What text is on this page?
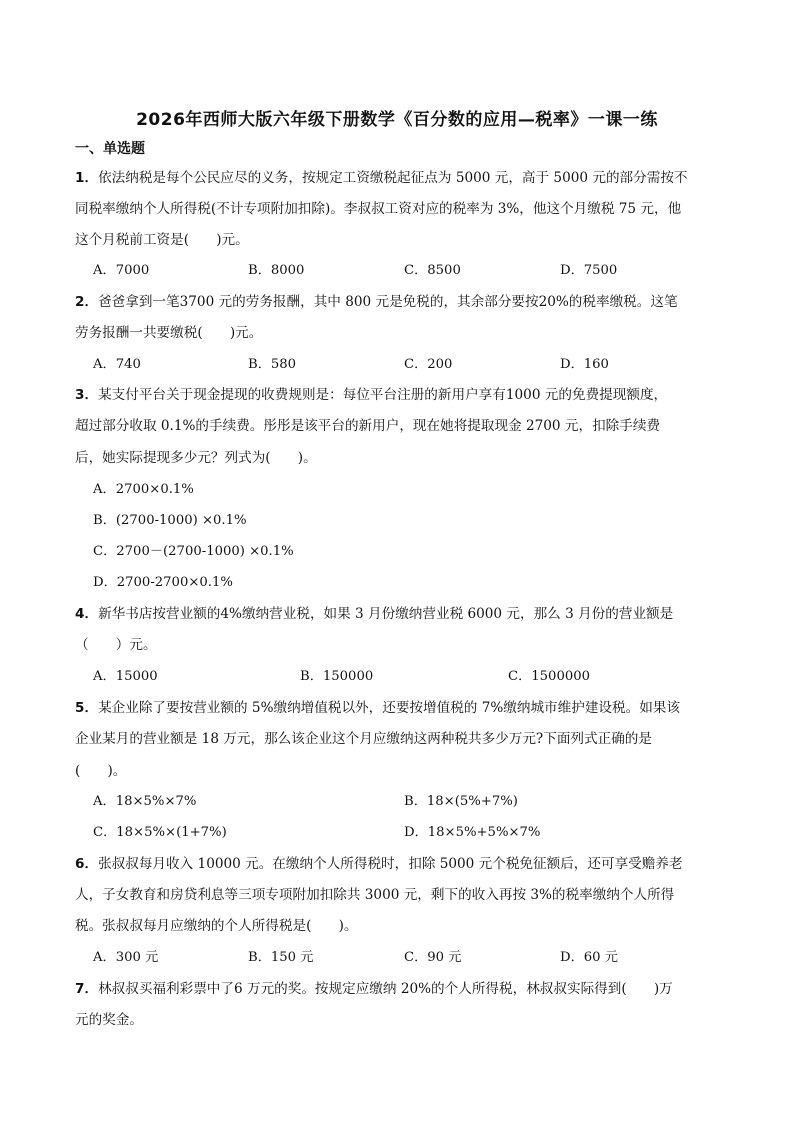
2026年西师大版六年级下册数学《百分数的应用—税率》一课一练
一、单选题
1．依法纳税是每个公民应尽的义务，按规定工资缴税起征点为 5000 元，高于 5000 元的部分需按不
同税率缴纳个人所得税(不计专项附加扣除)。李叔叔工资对应的税率为 3%，他这个月缴税 75 元，他
这个月税前工资是(　　)元。
A．7000	B．8000	C．8500	D．7500
2．爸爸拿到一笔3700 元的劳务报酬，其中 800 元是免税的，其余部分要按20%的税率缴税。这笔
劳务报酬一共要缴税(　　)元。
A．740	B．580	C．200	D．160
3．某支付平台关于现金提现的收费规则是：每位平台注册的新用户享有1000 元的免费提现额度，
超过部分收取 0.1%的手续费。彤彤是该平台的新用户，现在她将提取现金 2700 元，扣除手续费
后，她实际提现多少元？列式为(　　)。
A．2700×0.1%
B．(2700-1000) ×0.1%
C．2700－(2700-1000) ×0.1%
D．2700-2700×0.1%
4．新华书店按营业额的4%缴纳营业税，如果 3 月份缴纳营业税 6000 元，那么 3 月份的营业额是
（　　）元。
A．15000	B．150000	C．1500000
5．某企业除了要按营业额的 5%缴纳增值税以外，还要按增值税的 7%缴纳城市维护建设税。如果该
企业某月的营业额是 18 万元，那么该企业这个月应缴纳这两种税共多少万元?下面列式正确的是
(　　)。
A．18×5%×7%	B．18×(5%+7%)
C．18×5%×(1+7%)	D．18×5%+5%×7%
6．张叔叔每月收入 10000 元。在缴纳个人所得税时，扣除 5000 元个税免征额后，还可享受赡养老
人，子女教育和房贷利息等三项专项附加扣除共 3000 元，剩下的收入再按 3%的税率缴纳个人所得
税。张叔叔每月应缴纳的个人所得税是(　　)。
A．300 元	B．150 元	C．90 元	D．60 元
7．林叔叔买福利彩票中了6 万元的奖。按规定应缴纳 20%的个人所得税，林叔叔实际得到(　　)万
元的奖金。
